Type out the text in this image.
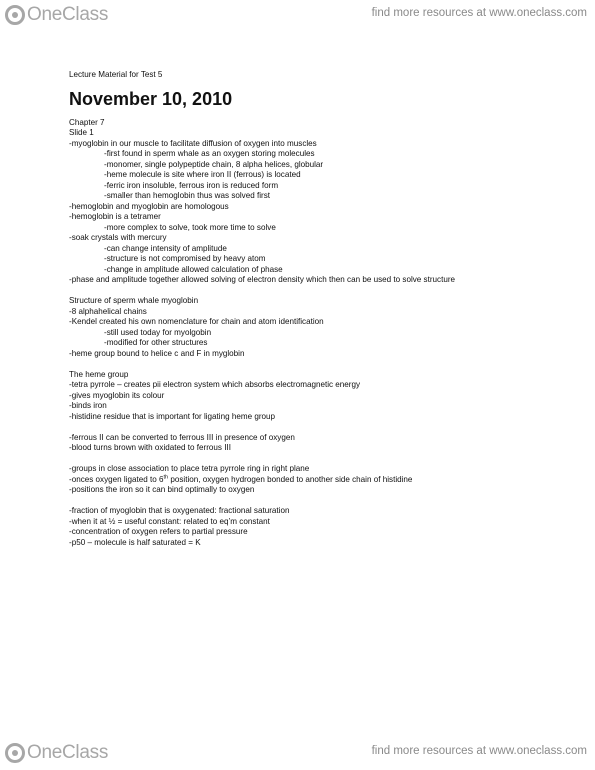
OneClass	find more resources at www.oneclass.com
Lecture Material for Test 5
November 10, 2010
Chapter 7
Slide 1
-myoglobin in our muscle to facilitate diffusion of oxygen into muscles
-first found in sperm whale as an oxygen storing molecules
-monomer, single polypeptide chain, 8 alpha helices, globular
-heme molecule is site where iron II (ferrous) is located
-ferric iron insoluble, ferrous iron is reduced form
-smaller than hemoglobin thus was solved first
-hemoglobin and myoglobin are homologous
-hemoglobin is a tetramer
-more complex to solve, took more time to solve
-soak crystals with mercury
-can change intensity of amplitude
-structure is not compromised by heavy atom
-change in amplitude allowed calculation of phase
-phase and amplitude together allowed solving of electron density which then can be used to solve structure
Structure of sperm whale myoglobin
-8 alphahelical chains
-Kendel created his own nomenclature for chain and atom identification
-still used today for myolgobin
-modified for other structures
-heme group bound to helice c and F in myglobin
The heme group
-tetra pyrrole – creates pii electron system which absorbs electromagnetic energy
-gives myoglobin its colour
-binds iron
-histidine residue that is important for ligating heme group
-ferrous II can be converted to ferrous III in presence of oxygen
-blood turns brown with oxidated to ferrous III
-groups in close association to place tetra pyrrole ring in right plane
-onces oxygen ligated to 6th position, oxygen hydrogen bonded to another side chain of histidine
-positions the iron so it can bind optimally to oxygen
-fraction of myoglobin that is oxygenated: fractional saturation
-when it at ½ = useful constant: related to eq’m constant
-concentration of oxygen refers to partial pressure
-p50 – molecule is half saturated = K
OneClass	find more resources at www.oneclass.com
